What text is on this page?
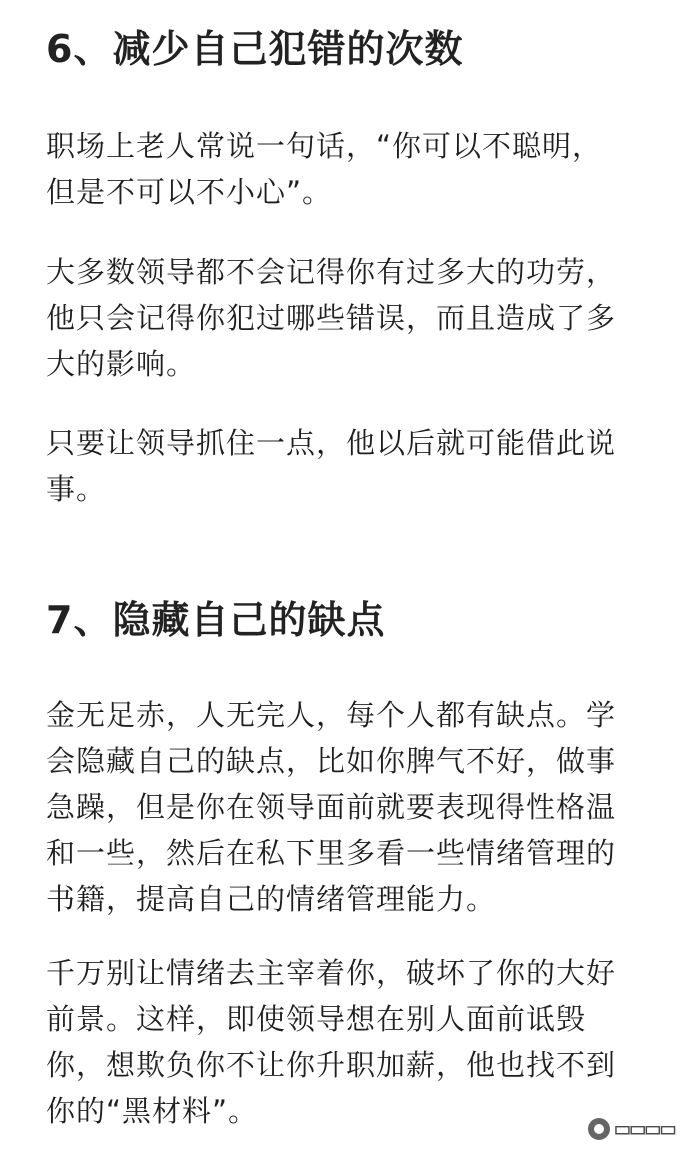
6、减少自己犯错的次数
职场上老人常说一句话，“你可以不聪明，
但是不可以不小心”。
大多数领导都不会记得你有过多大的功劳，
他只会记得你犯过哪些错误，而且造成了多
大的影响。
只要让领导抓住一点，他以后就可能借此说
事。
7、隐藏自己的缺点
金无足赤，人无完人，每个人都有缺点。学
会隐藏自己的缺点，比如你脾气不好，做事
急躁，但是你在领导面前就要表现得性格温
和一些，然后在私下里多看一些情绪管理的
书籍，提高自己的情绪管理能力。
千万别让情绪去主宰着你，破坏了你的大好
前景。这样，即使领导想在别人面前诋毁
你，想欺负你不让你升职加薪，他也找不到
你的“黑材料”。
▬▬▬▬
